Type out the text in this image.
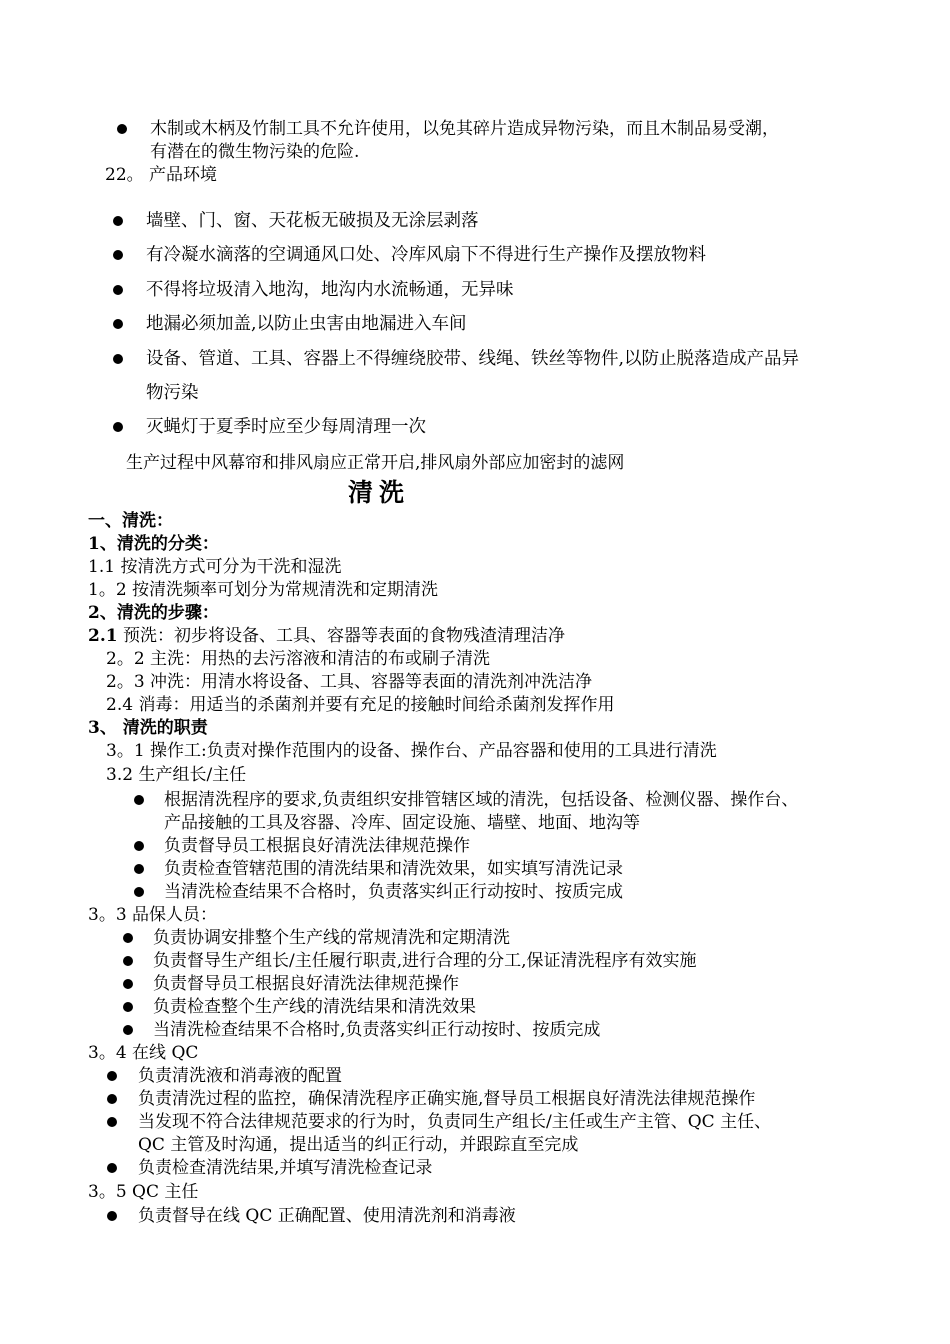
木制或木柄及竹制工具不允许使用，以免其碎片造成异物污染，而且木制品易受潮，
有潜在的微生物污染的危险.
22。 产品环境
墙壁、门、窗、天花板无破损及无涂层剥落
有冷凝水滴落的空调通风口处、冷库风扇下不得进行生产操作及摆放物料
不得将垃圾清入地沟，地沟内水流畅通，无异味
地漏必须加盖,以防止虫害由地漏进入车间
设备、管道、工具、容器上不得缠绕胶带、线绳、铁丝等物件,以防止脱落造成产品异
物污染
灭蝇灯于夏季时应至少每周清理一次
生产过程中风幕帘和排风扇应正常开启,排风扇外部应加密封的滤网
清洗
一、清洗：
1、清洗的分类：
1.1 按清洗方式可分为干洗和湿洗
1。2 按清洗频率可划分为常规清洗和定期清洗
2、清洗的步骤：
2.1 预洗：初步将设备、工具、容器等表面的食物残渣清理洁净
2。2 主洗：用热的去污溶液和清洁的布或刷子清洗
2。3 冲洗：用清水将设备、工具、容器等表面的清洗剂冲洗洁净
2.4 消毒：用适当的杀菌剂并要有充足的接触时间给杀菌剂发挥作用
3、 清洗的职责
3。1 操作工:负责对操作范围内的设备、操作台、产品容器和使用的工具进行清洗
3.2 生产组长/主任
根据清洗程序的要求,负责组织安排管辖区域的清洗，包括设备、检测仪器、操作台、
产品接触的工具及容器、冷库、固定设施、墙壁、地面、地沟等
负责督导员工根据良好清洗法律规范操作
负责检查管辖范围的清洗结果和清洗效果，如实填写清洗记录
当清洗检查结果不合格时，负责落实纠正行动按时、按质完成
3。3 品保人员：
负责协调安排整个生产线的常规清洗和定期清洗
负责督导生产组长/主任履行职责,进行合理的分工,保证清洗程序有效实施
负责督导员工根据良好清洗法律规范操作
负责检查整个生产线的清洗结果和清洗效果
当清洗检查结果不合格时,负责落实纠正行动按时、按质完成
3。4 在线 QC
负责清洗液和消毒液的配置
负责清洗过程的监控，确保清洗程序正确实施,督导员工根据良好清洗法律规范操作
当发现不符合法律规范要求的行为时，负责同生产组长/主任或生产主管、QC 主任、
QC 主管及时沟通，提出适当的纠正行动，并跟踪直至完成
负责检查清洗结果,并填写清洗检查记录
3。5 QC 主任
负责督导在线 QC 正确配置、使用清洗剂和消毒液
